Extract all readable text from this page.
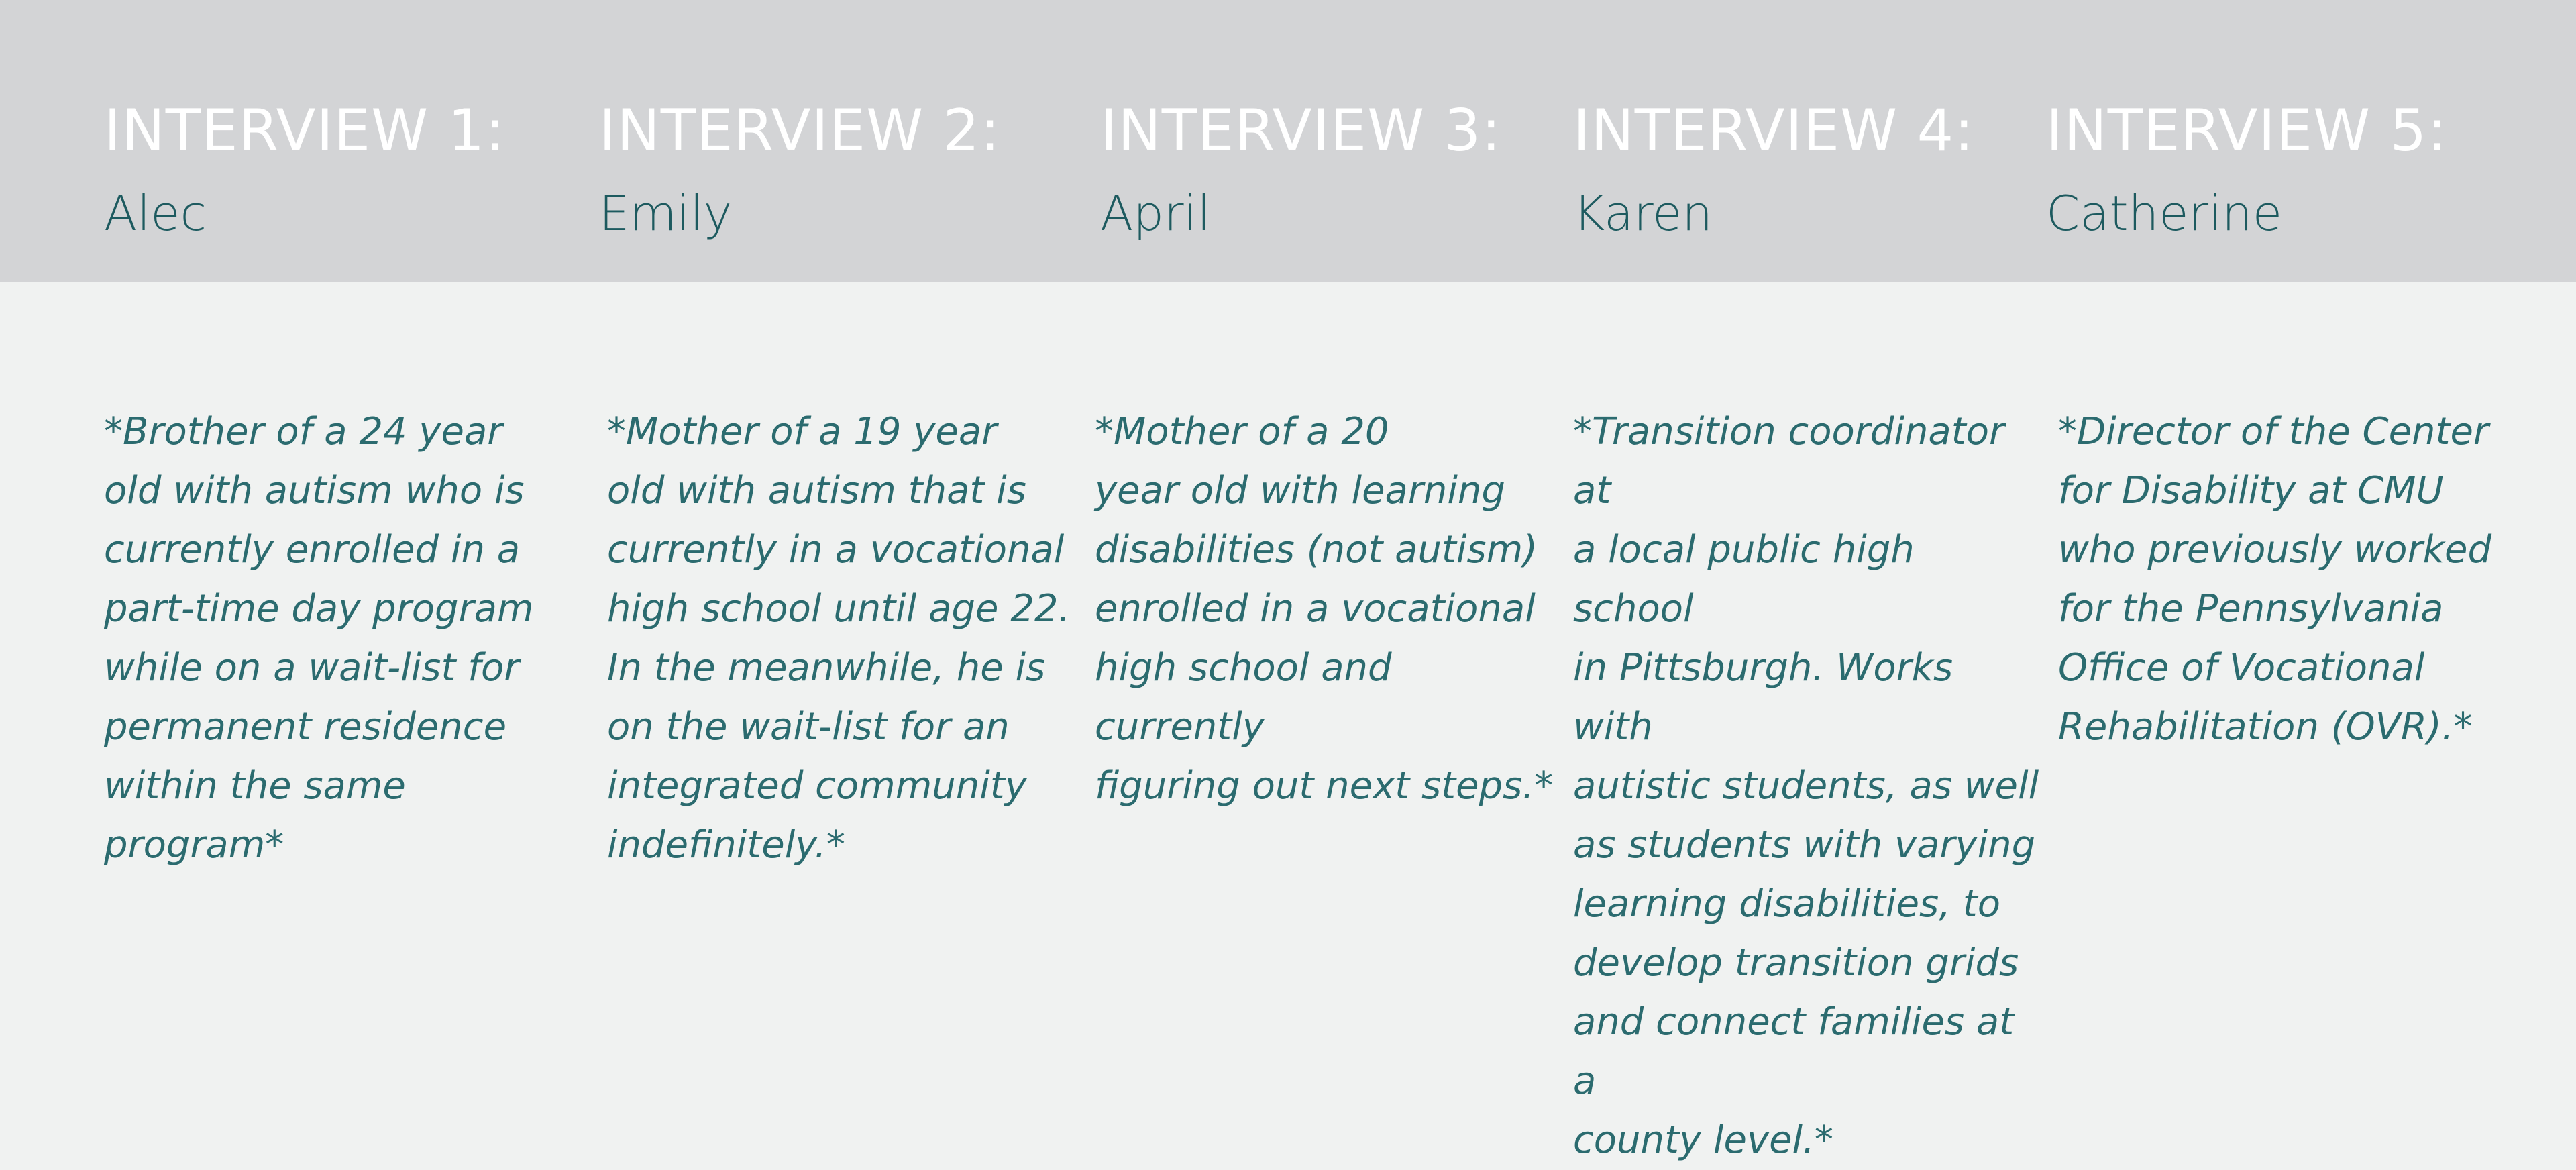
INTERVIEW 1:
Alec

*Brother of a 24 year
old with autism who is
currently enrolled in a
part-time day program
while on a wait-list for
permanent residence
within the same program*

INTERVIEW 2:
Emily

*Mother of a 19 year
old with autism that is
currently in a vocational
high school until age 22.
In the meanwhile, he is
on the wait-list for an
integrated community
indefinitely.*

INTERVIEW 3:
April

*Mother of a 20
year old with learning
disabilities (not autism)
enrolled in a vocational
high school and currently
figuring out next steps.*

INTERVIEW 4:
Karen

*Transition coordinator at
a local public high school
in Pittsburgh. Works with
autistic students, as well
as students with varying
learning disabilities, to
develop transition grids
and connect families at a
county level.*

INTERVIEW 5:
Catherine

*Director of the Center
for Disability at CMU
who previously worked
for the Pennsylvania
Office of Vocational
Rehabilitation (OVR).*
